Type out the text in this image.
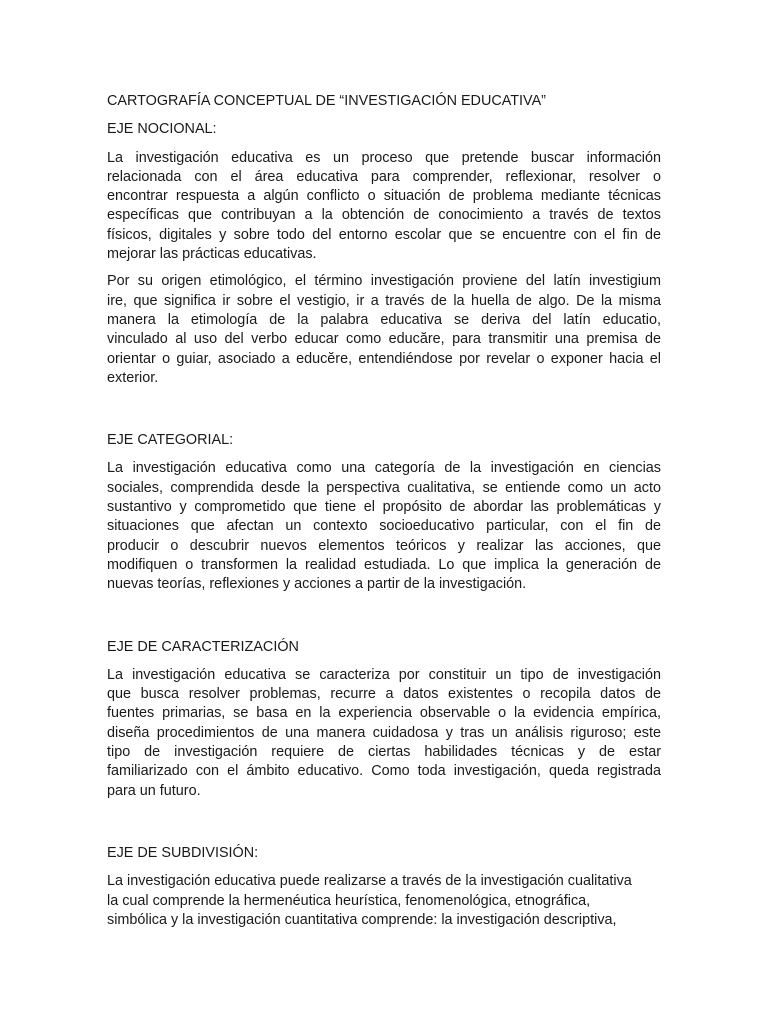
CARTOGRAFÍA CONCEPTUAL DE “INVESTIGACIÓN EDUCATIVA”
EJE NOCIONAL:
La investigación educativa es un proceso que pretende buscar información
relacionada con el área educativa para comprender, reflexionar, resolver o
encontrar respuesta a algún conflicto o situación de problema mediante técnicas
específicas que contribuyan a la obtención de conocimiento a través de textos
físicos, digitales y sobre todo del entorno escolar que se encuentre con el fin de
mejorar las prácticas educativas.
Por su origen etimológico, el término investigación proviene del latín investigium
ire, que significa ir sobre el vestigio, ir a través de la huella de algo. De la misma
manera la etimología de la palabra educativa se deriva del latín educatio,
vinculado al uso del verbo educar como educăre, para transmitir una premisa de
orientar o guiar, asociado a educĕre, entendiéndose por revelar o exponer hacia el
exterior.
EJE CATEGORIAL:
La investigación educativa como una categoría de la investigación en ciencias
sociales, comprendida desde la perspectiva cualitativa, se entiende como un acto
sustantivo y comprometido que tiene el propósito de abordar las problemáticas y
situaciones que afectan un contexto socioeducativo particular, con el fin de
producir o descubrir nuevos elementos teóricos y realizar las acciones, que
modifiquen o transformen la realidad estudiada. Lo que implica la generación de
nuevas teorías, reflexiones y acciones a partir de la investigación.
EJE DE CARACTERIZACIÓN
La investigación educativa se caracteriza por constituir un tipo de investigación
que busca resolver problemas, recurre a datos existentes o recopila datos de
fuentes primarias, se basa en la experiencia observable o la evidencia empírica,
diseña procedimientos de una manera cuidadosa y tras un análisis riguroso; este
tipo de investigación requiere de ciertas habilidades técnicas y de estar
familiarizado con el ámbito educativo. Como toda investigación, queda registrada
para un futuro.
EJE DE SUBDIVISIÓN:
La investigación educativa puede realizarse a través de la investigación cualitativa
la cual comprende la hermenéutica heurística, fenomenológica, etnográfica,
simbólica y la investigación cuantitativa comprende: la investigación descriptiva,
